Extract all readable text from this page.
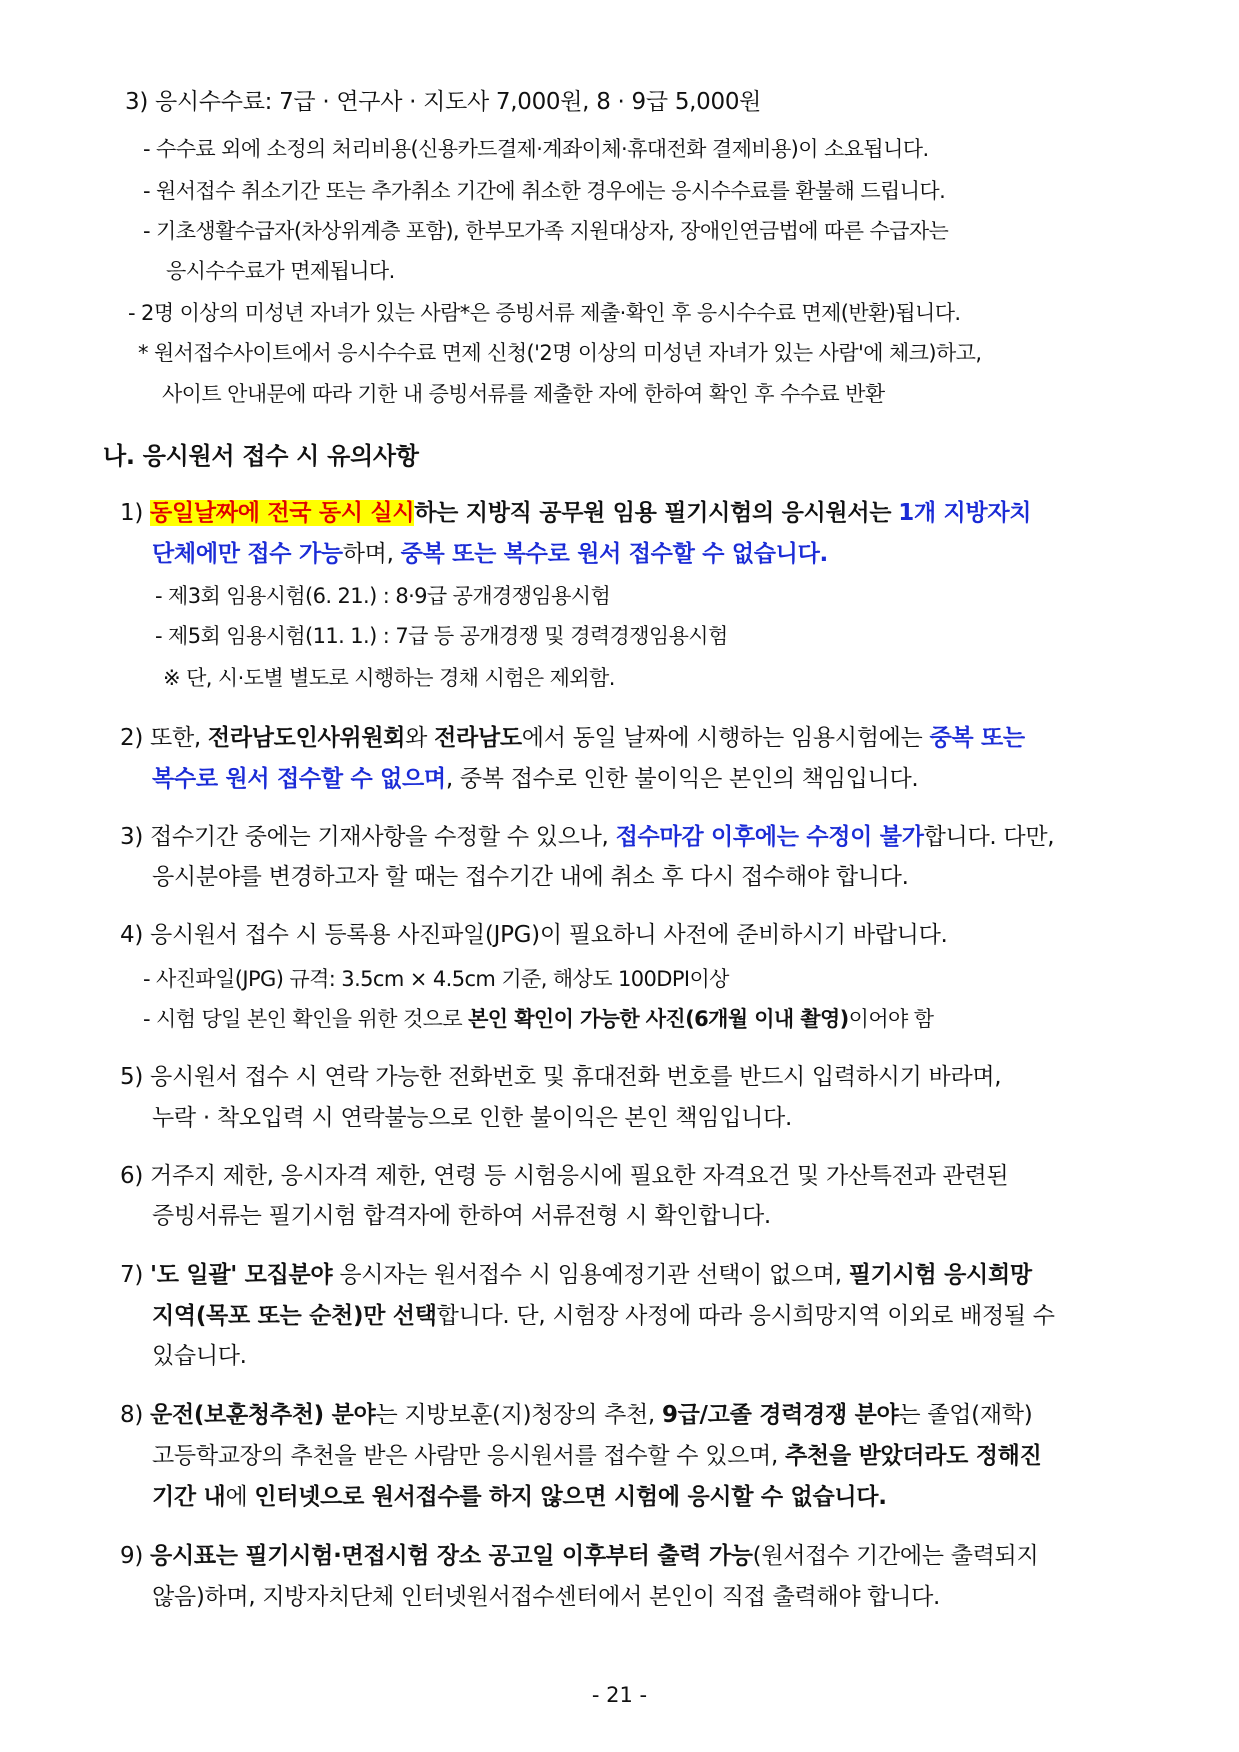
3) 응시수수료: 7급 · 연구사 · 지도사 7,000원, 8 · 9급 5,000원
- 수수료 외에 소정의 처리비용(신용카드결제·계좌이체·휴대전화 결제비용)이 소요됩니다.
- 원서접수 취소기간 또는 추가취소 기간에 취소한 경우에는 응시수수료를 환불해 드립니다.
- 기초생활수급자(차상위계층 포함), 한부모가족 지원대상자, 장애인연금법에 따른 수급자는
응시수수료가 면제됩니다.
- 2명 이상의 미성년 자녀가 있는 사람*은 증빙서류 제출·확인 후 응시수수료 면제(반환)됩니다.
* 원서접수사이트에서 응시수수료 면제 신청('2명 이상의 미성년 자녀가 있는 사람'에 체크)하고,
사이트 안내문에 따라 기한 내 증빙서류를 제출한 자에 한하여 확인 후 수수료 반환
나. 응시원서 접수 시 유의사항
1) 동일날짜에 전국 동시 실시하는 지방직 공무원 임용 필기시험의 응시원서는 1개 지방자치
단체에만 접수 가능하며, 중복 또는 복수로 원서 접수할 수 없습니다.
- 제3회 임용시험(6. 21.) : 8·9급 공개경쟁임용시험
- 제5회 임용시험(11. 1.) : 7급 등 공개경쟁 및 경력경쟁임용시험
※ 단, 시·도별 별도로 시행하는 경채 시험은 제외함.
2) 또한, 전라남도인사위원회와 전라남도에서 동일 날짜에 시행하는 임용시험에는 중복 또는
복수로 원서 접수할 수 없으며, 중복 접수로 인한 불이익은 본인의 책임입니다.
3) 접수기간 중에는 기재사항을 수정할 수 있으나, 접수마감 이후에는 수정이 불가합니다. 다만,
응시분야를 변경하고자 할 때는 접수기간 내에 취소 후 다시 접수해야 합니다.
4) 응시원서 접수 시 등록용 사진파일(JPG)이 필요하니 사전에 준비하시기 바랍니다.
- 사진파일(JPG) 규격: 3.5cm × 4.5cm 기준, 해상도 100DPI이상
- 시험 당일 본인 확인을 위한 것으로 본인 확인이 가능한 사진(6개월 이내 촬영)이어야 함
5) 응시원서 접수 시 연락 가능한 전화번호 및 휴대전화 번호를 반드시 입력하시기 바라며,
누락 · 착오입력 시 연락불능으로 인한 불이익은 본인 책임입니다.
6) 거주지 제한, 응시자격 제한, 연령 등 시험응시에 필요한 자격요건 및 가산특전과 관련된
증빙서류는 필기시험 합격자에 한하여 서류전형 시 확인합니다.
7) '도 일괄' 모집분야 응시자는 원서접수 시 임용예정기관 선택이 없으며, 필기시험 응시희망
지역(목포 또는 순천)만 선택합니다. 단, 시험장 사정에 따라 응시희망지역 이외로 배정될 수
있습니다.
8) 운전(보훈청추천) 분야는 지방보훈(지)청장의 추천, 9급/고졸 경력경쟁 분야는 졸업(재학)
고등학교장의 추천을 받은 사람만 응시원서를 접수할 수 있으며, 추천을 받았더라도 정해진
기간 내에 인터넷으로 원서접수를 하지 않으면 시험에 응시할 수 없습니다.
9) 응시표는 필기시험·면접시험 장소 공고일 이후부터 출력 가능(원서접수 기간에는 출력되지
않음)하며, 지방자치단체 인터넷원서접수센터에서 본인이 직접 출력해야 합니다.
- 21 -
